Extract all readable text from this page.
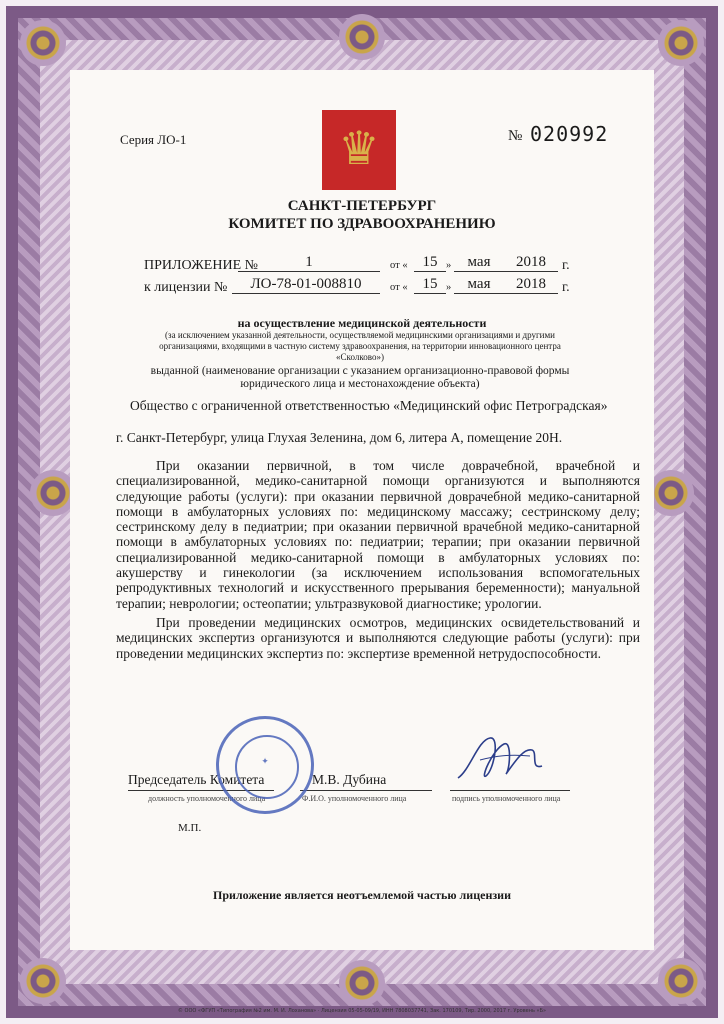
Серия ЛО-1	№ 020992
♛
САНКТ-ПЕТЕРБУРГ
КОМИТЕТ ПО ЗДРАВООХРАНЕНИЮ
ПРИЛОЖЕНИЕ №	1	от « 15 »	мая	2018	г.
к лицензии №	ЛО-78-01-008810	от « 15 »	мая	2018	г.
на осуществление медицинской деятельности
(за исключением указанной деятельности, осуществляемой медицинскими организациями и другими организациями, входящими в частную систему здравоохранения, на территории инновационного центра «Сколково»)
выданной (наименование организации с указанием организационно-правовой формы юридического лица и местонахождение объекта)
Общество с ограниченной ответственностью «Медицинский офис Петроградская»
г. Санкт-Петербург, улица Глухая Зеленина, дом 6, литера А, помещение 20Н.

При оказании первичной, в том числе доврачебной, врачебной и специализированной, медико-санитарной помощи организуются и выполняются следующие работы (услуги): при оказании первичной доврачебной медико-санитарной помощи в амбулаторных условиях по: медицинскому массажу; сестринскому делу; сестринскому делу в педиатрии; при оказании первичной врачебной медико-санитарной помощи в амбулаторных условиях по: педиатрии; терапии; при оказании первичной специализированной медико-санитарной помощи в амбулаторных условиях по: акушерству и гинекологии (за исключением использования вспомогательных репродуктивных технологий и искусственного прерывания беременности); мануальной терапии; неврологии; остеопатии; ультразвуковой диагностике; урологии.

При проведении медицинских осмотров, медицинских освидетельствований и медицинских экспертиз организуются и выполняются следующие работы (услуги): при проведении медицинских экспертиз по: экспертизе временной нетрудоспособности.

Председатель Комитета	М.В. Дубина
должность уполномоченного лица	Ф.И.О. уполномоченного лица	подпись уполномоченного лица
✦
М.П.
Приложение является неотъемлемой частью лицензии
© ООО «ФГУП «Типография №2 им. М. И. Лоханова» · Лицензия 05-05-09/19, ИНН 7808037741, Зак. 170109, Тир. 2000, 2017 г. Уровень «Б»
